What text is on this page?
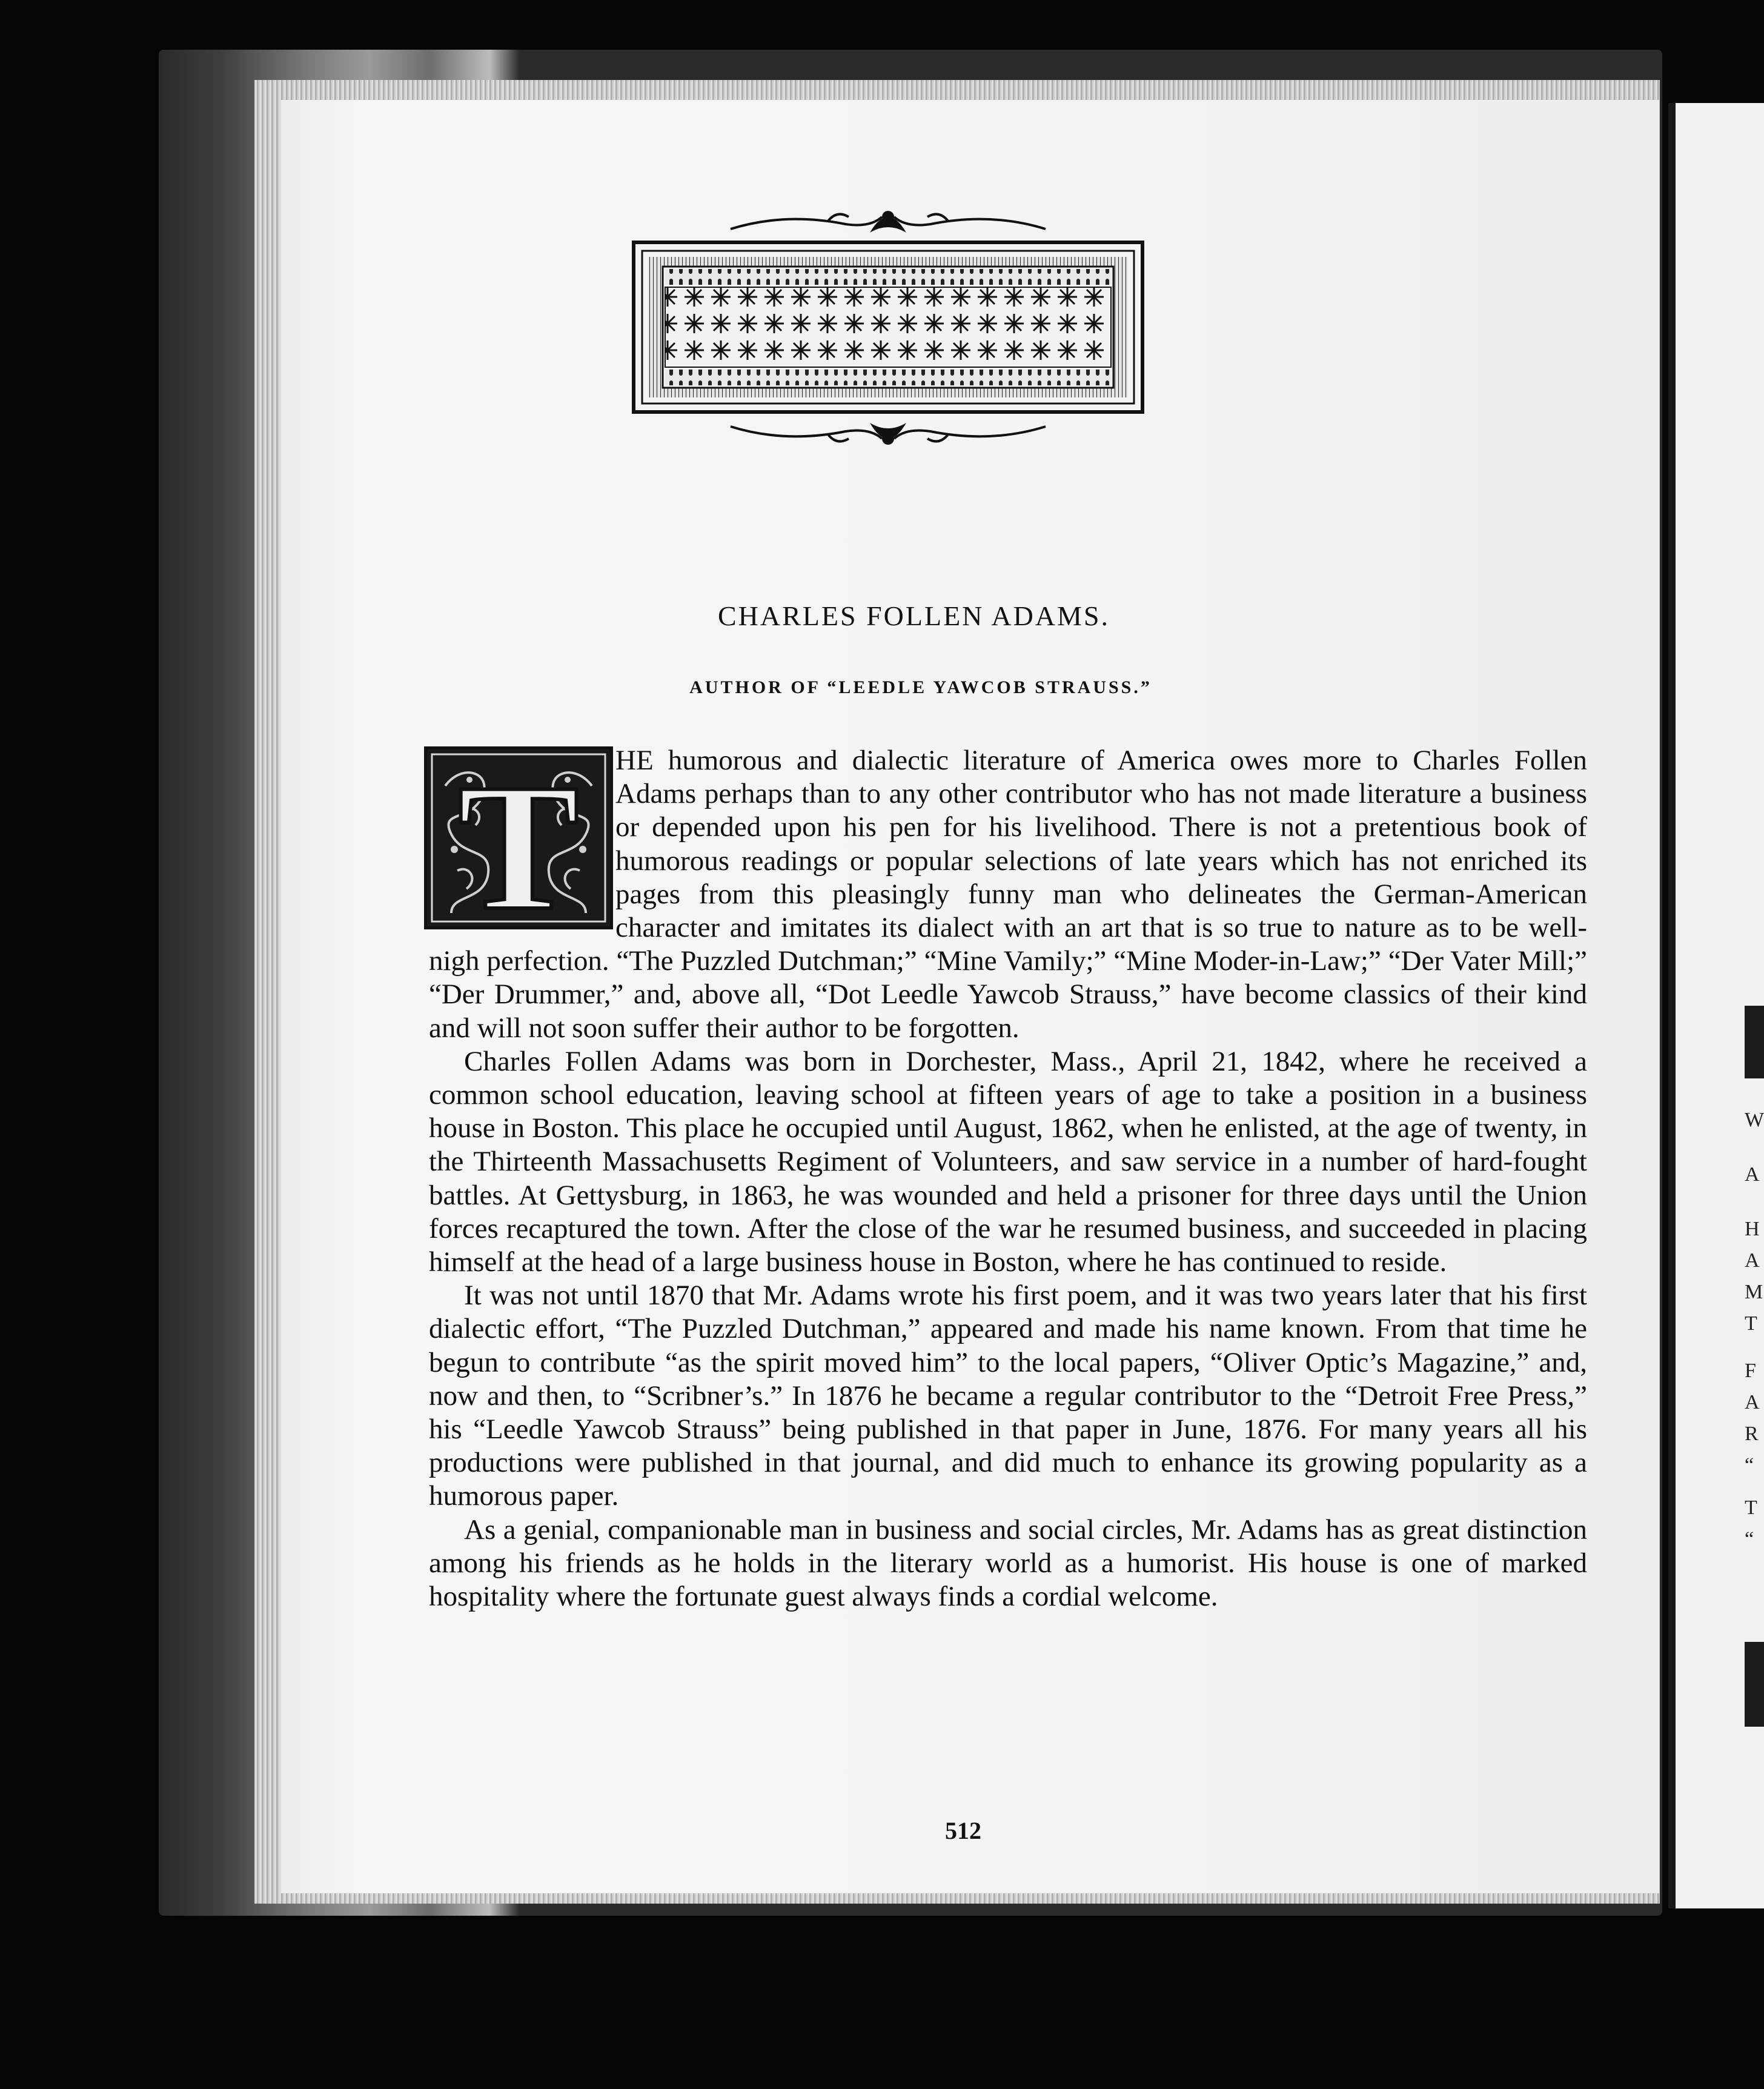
W
A
H
A
M
T
F
A
R
“
T
“
CHARLES FOLLEN ADAMS.
AUTHOR OF “LEEDLE YAWCOB STRAUSS.”
T	HE humorous and dialectic literature of America owes more to Charles Follen Adams perhaps than to any other contributor who has not made literature a business or depended upon his pen for his livelihood. There is not a pretentious book of humorous readings or popular selections of late years which has not enriched its pages from this pleasingly funny man who delineates the German-American character and imitates its dialect with an art that is so true to nature as to be well-nigh perfection. “The Puzzled Dutchman;” “Mine Vamily;” “Mine Moder-in-Law;” “Der Vater Mill;” “Der Drummer,” and, above all, “Dot Leedle Yawcob Strauss,” have become classics of their kind and will not soon suffer their author to be forgotten.

Charles Follen Adams was born in Dorchester, Mass., April 21, 1842, where he received a common school education, leaving school at fifteen years of age to take a position in a business house in Boston. This place he occupied until August, 1862, when he enlisted, at the age of twenty, in the Thirteenth Massachusetts Regiment of Volunteers, and saw service in a number of hard-fought battles. At Gettysburg, in 1863, he was wounded and held a prisoner for three days until the Union forces recaptured the town. After the close of the war he resumed business, and succeeded in placing himself at the head of a large business house in Boston, where he has continued to reside.

It was not until 1870 that Mr. Adams wrote his first poem, and it was two years later that his first dialectic effort, “The Puzzled Dutchman,” appeared and made his name known. From that time he begun to contribute “as the spirit moved him” to the local papers, “Oliver Optic’s Magazine,” and, now and then, to “Scribner’s.” In 1876 he became a regular contributor to the “Detroit Free Press,” his “Leedle Yawcob Strauss” being published in that paper in June, 1876. For many years all his productions were published in that journal, and did much to enhance its growing popularity as a humorous paper.

As a genial, companionable man in business and social circles, Mr. Adams has as great distinction among his friends as he holds in the literary world as a humorist. His house is one of marked hospitality where the fortunate guest always finds a cordial welcome.

512
